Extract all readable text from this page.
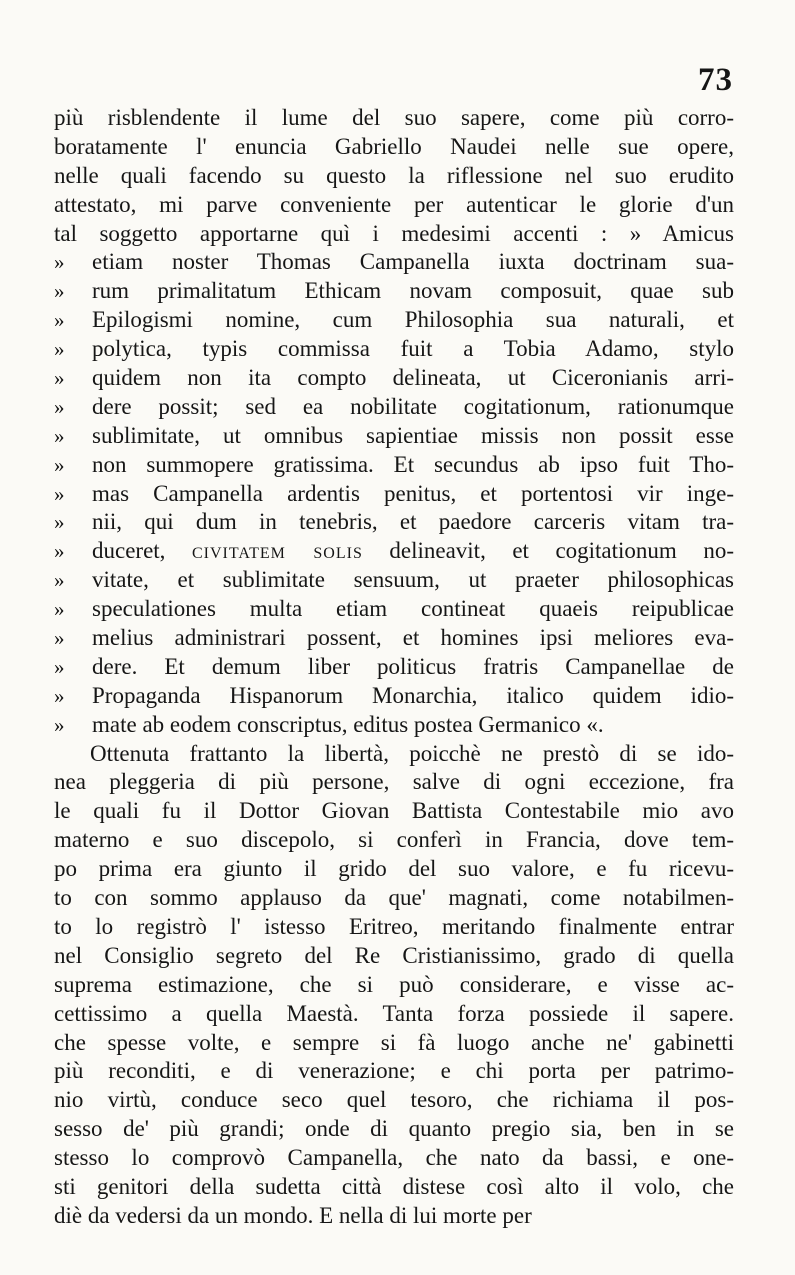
73
più risblendente il lume del suo sapere, come più corro-
boratamente l' enuncia Gabriello Naudei nelle sue opere,
nelle quali facendo su questo la riflessione nel suo erudito
attestato, mi parve conveniente per autenticar le glorie d'un
tal soggetto apportarne quì i medesimi accenti : » Amicus
»	etiam noster Thomas Campanella iuxta doctrinam sua-
»	rum primalitatum Ethicam novam composuit, quae sub
»	Epilogismi nomine, cum Philosophia sua naturali, et
»	polytica, typis commissa fuit a Tobia Adamo, stylo
»	quidem non ita compto delineata, ut Ciceronianis arri-
»	dere possit; sed ea nobilitate cogitationum, rationumque
»	sublimitate, ut omnibus sapientiae missis non possit esse
»	non summopere gratissima. Et secundus ab ipso fuit Tho-
»	mas Campanella ardentis penitus, et portentosi vir inge-
»	nii, qui dum in tenebris, et paedore carceris vitam tra-
»	duceret, civitatem solis delineavit, et cogitationum no-
»	vitate, et sublimitate sensuum, ut praeter philosophicas
»	speculationes multa etiam contineat quaeis reipublicae
»	melius administrari possent, et homines ipsi meliores eva-
»	dere. Et demum liber politicus fratris Campanellae de
»	Propaganda Hispanorum Monarchia, italico quidem idio-
»	mate ab eodem conscriptus, editus postea Germanico «.
Ottenuta frattanto la libertà, poicchè ne prestò di se ido-
nea pleggeria di più persone, salve di ogni eccezione, fra
le quali fu il Dottor Giovan Battista Contestabile mio avo
materno e suo discepolo, si conferì in Francia, dove tem-
po prima era giunto il grido del suo valore, e fu ricevu-
to con sommo applauso da que' magnati, come notabilmen-
to lo registrò l' istesso Eritreo, meritando finalmente entrar
nel Consiglio segreto del Re Cristianissimo, grado di quella
suprema estimazione, che si può considerare, e visse ac-
cettissimo a quella Maestà. Tanta forza possiede il sapere.
che spesse volte, e sempre si fà luogo anche ne' gabinetti
più reconditi, e di venerazione; e chi porta per patrimo-
nio virtù, conduce seco quel tesoro, che richiama il pos-
sesso de' più grandi; onde di quanto pregio sia, ben in se
stesso lo comprovò Campanella, che nato da bassi, e one-
sti genitori della sudetta città distese così alto il volo, che
diè da vedersi da un mondo. E nella di lui morte per
